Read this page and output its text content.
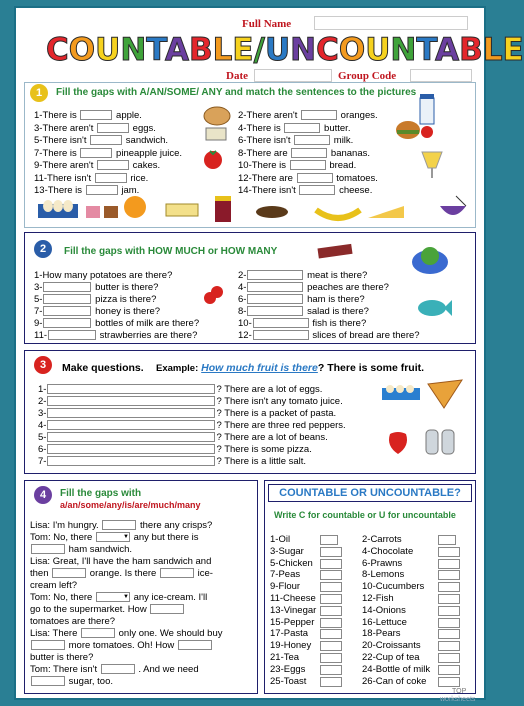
Full Name
COUNTABLE/UNCOUNTABLE
Date	Group Code
1	Fill the gaps with A/AN/SOME/ ANY and match the sentences to the pictures
2	Fill the gaps with HOW MUCH or HOW MANY
3	Make questions. Example: How much fruit is there? There is some fruit.
4	Fill the gaps with
a/an/some/any/is/are/much/many
COUNTABLE OR UNCOUNTABLE?
Write C for countable or U for uncountable
TOP
worksheets
1-There is	apple.
3-There aren't	eggs.
5-There isn't	sandwich.
7-There is	pineapple juice.
9-There aren't	cakes.
11-There isn't	rice.
13-There is	jam.
2-There aren't	oranges.
4-There is	butter.
6-There isn't	milk.
8-There are	bananas.
10-There is	bread.
12-There are	tomatoes.
14-There isn't	cheese.
1-How many potatoes are there?
3-	butter is there?
5-	pizza is there?
7-	honey is there?
9-	bottles of milk are there?
11-	strawberries are there?
2-	meat is there?
4-	peaches are there?
6-	ham is there?
8-	salad is there?
10-	fish is there?
12-	slices of bread are there?
1-	? There are a lot of eggs.
2-	? There isn't any tomato juice.
3-	? There is a packet of pasta.
4-	? There are three red peppers.
5-	? There are a lot of beans.
6-	? There is some pizza.
7-	? There is a little salt.
Lisa: I'm hungry.	there any crisps?
Tom: No, there	▼ any but there is
ham sandwich.
Lisa: Great, I'll have the ham sandwich and
then	orange. Is there	ice-
cream left?
Tom: No, there	▼ any ice-cream. I'll
go to the supermarket. How
tomatoes are there?
Lisa: There	only one. We should buy
more tomatoes. Oh! How
butter is there?
Tom: There isn't	. And we need
sugar, too.
1-Oil
3-Sugar
5-Chicken
7-Peas
9-Flour
11-Cheese
13-Vinegar
15-Pepper
17-Pasta
19-Honey
21-Tea
23-Eggs
25-Toast
2-Carrots
4-Chocolate
6-Prawns
8-Lemons
10-Cucumbers
12-Fish
14-Onions
16-Lettuce
18-Pears
20-Croissants
22-Cup of tea
24-Bottle of milk
26-Can of coke
